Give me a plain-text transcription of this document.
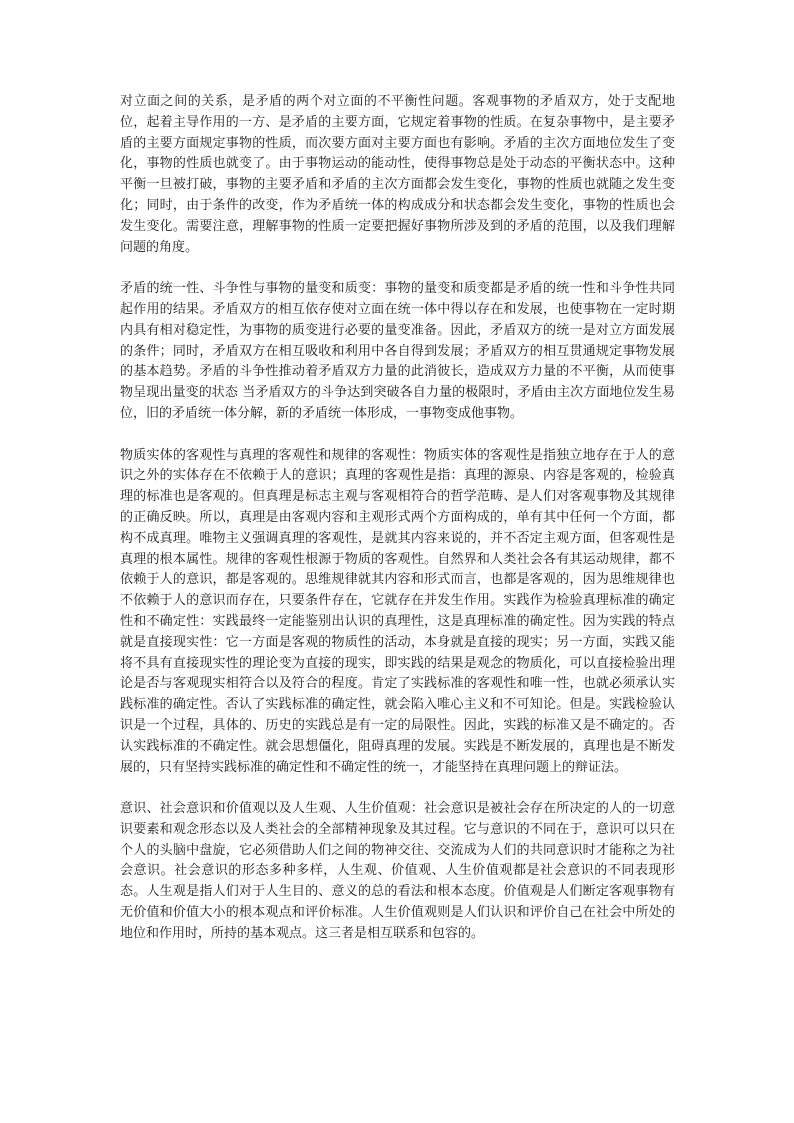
对立面之间的关系，是矛盾的两个对立面的不平衡性问题。客观事物的矛盾双方，处于支配地位，起着主导作用的一方、是矛盾的主要方面，它规定着事物的性质。在复杂事物中，是主要矛盾的主要方面规定事物的性质，而次要方面对主要方面也有影响。矛盾的主次方面地位发生了变化，事物的性质也就变了。由于事物运动的能动性，使得事物总是处于动态的平衡状态中。这种平衡一旦被打破，事物的主要矛盾和矛盾的主次方面都会发生变化，事物的性质也就随之发生变化；同时，由于条件的改变，作为矛盾统一体的构成成分和状态都会发生变化，事物的性质也会发生变化。需要注意，理解事物的性质一定要把握好事物所涉及到的矛盾的范围，以及我们理解问题的角度。

矛盾的统一性、斗争性与事物的量变和质变：事物的量变和质变都是矛盾的统一性和斗争性共同起作用的结果。矛盾双方的相互依存使对立面在统一体中得以存在和发展，也使事物在一定时期内具有相对稳定性，为事物的质变进行必要的量变准备。因此，矛盾双方的统一是对立方面发展的条件；同时，矛盾双方在相互吸收和利用中各自得到发展；矛盾双方的相互贯通规定事物发展的基本趋势。矛盾的斗争性推动着矛盾双方力量的此消彼长，造成双方力量的不平衡，从而使事物呈现出量变的状态 当矛盾双方的斗争达到突破各自力量的极限时，矛盾由主次方面地位发生易位，旧的矛盾统一体分解，新的矛盾统一体形成，一事物变成他事物。

物质实体的客观性与真理的客观性和规律的客观性：物质实体的客观性是指独立地存在于人的意识之外的实体存在不依赖于人的意识；真理的客观性是指：真理的源泉、内容是客观的，检验真理的标准也是客观的。但真理是标志主观与客观相符合的哲学范畴、是人们对客观事物及其规律的正确反映。所以，真理是由客观内容和主观形式两个方面构成的，单有其中任何一个方面，都构不成真理。唯物主义强调真理的客观性，是就其内容来说的，并不否定主观方面，但客观性是真理的根本属性。规律的客观性根源于物质的客观性。自然界和人类社会各有其运动规律，都不依赖于人的意识，都是客观的。思维规律就其内容和形式而言，也都是客观的，因为思维规律也不依赖于人的意识而存在，只要条件存在，它就存在并发生作用。实践作为检验真理标准的确定性和不确定性：实践最终一定能鉴别出认识的真理性，这是真理标准的确定性。因为实践的特点就是直接现实性：它一方面是客观的物质性的活动，本身就是直接的现实；另一方面，实践又能将不具有直接现实性的理论变为直接的现实，即实践的结果是观念的物质化，可以直接检验出理论是否与客观现实相符合以及符合的程度。肯定了实践标准的客观性和唯一性，也就必须承认实践标准的确定性。否认了实践标准的确定性，就会陷入唯心主义和不可知论。但是。实践检验认识是一个过程，具体的、历史的实践总是有一定的局限性。因此，实践的标准又是不确定的。否认实践标准的不确定性。就会思想僵化，阻碍真理的发展。实践是不断发展的，真理也是不断发展的，只有坚持实践标准的确定性和不确定性的统一，才能坚持在真理问题上的辩证法。

意识、社会意识和价值观以及人生观、人生价值观：社会意识是被社会存在所决定的人的一切意识要素和观念形态以及人类社会的全部精神现象及其过程。它与意识的不同在于，意识可以只在个人的头脑中盘旋，它必须借助人们之间的物神交往、交流成为人们的共同意识时才能称之为社会意识。社会意识的形态多种多样，人生观、价值观、人生价值观都是社会意识的不同表现形态。人生观是指人们对于人生目的、意义的总的看法和根本态度。价值观是人们断定客观事物有无价值和价值大小的根本观点和评价标准。人生价值观则是人们认识和评价自己在社会中所处的地位和作用时，所持的基本观点。这三者是相互联系和包容的。
